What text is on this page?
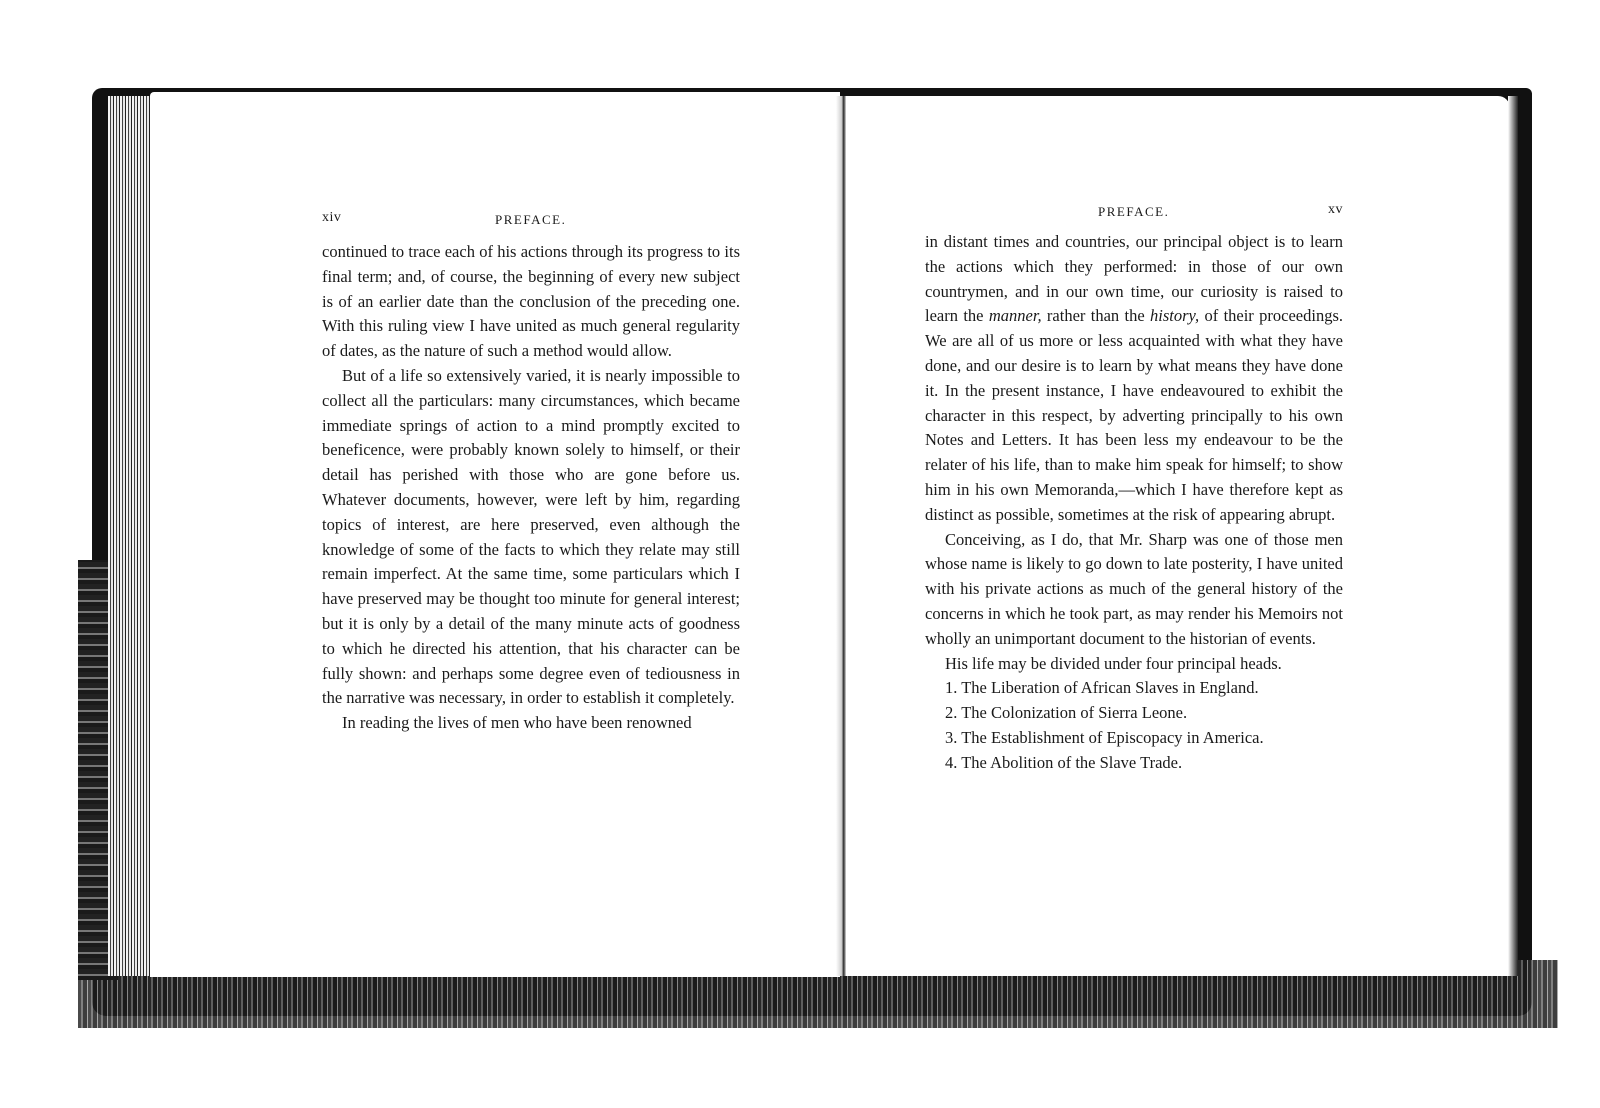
xiv	PREFACE.

continued to trace each of his actions through its progress to its final term; and, of course, the beginning of every new subject is of an earlier date than the conclusion of the preceding one. With this ruling view I have united as much general regularity of dates, as the nature of such a method would allow.

But of a life so extensively varied, it is nearly impossible to collect all the particulars: many circumstances, which became immediate springs of action to a mind promptly excited to beneficence, were probably known solely to himself, or their detail has perished with those who are gone before us. Whatever documents, however, were left by him, regarding topics of interest, are here preserved, even although the knowledge of some of the facts to which they relate may still remain imperfect. At the same time, some particulars which I have preserved may be thought too minute for general interest; but it is only by a detail of the many minute acts of goodness to which he directed his attention, that his character can be fully shown: and perhaps some degree even of tediousness in the narrative was necessary, in order to establish it completely.

In reading the lives of men who have been renowned

PREFACE.	xv

in distant times and countries, our principal object is to learn the actions which they performed: in those of our own countrymen, and in our own time, our curiosity is raised to learn the manner, rather than the history, of their proceedings. We are all of us more or less acquainted with what they have done, and our desire is to learn by what means they have done it. In the present instance, I have endeavoured to exhibit the character in this respect, by adverting principally to his own Notes and Letters. It has been less my endeavour to be the relater of his life, than to make him speak for himself; to show him in his own Memoranda,—which I have therefore kept as distinct as possible, sometimes at the risk of appearing abrupt.

Conceiving, as I do, that Mr. Sharp was one of those men whose name is likely to go down to late posterity, I have united with his private actions as much of the general history of the concerns in which he took part, as may render his Memoirs not wholly an unimportant document to the historian of events.

His life may be divided under four principal heads.

1. The Liberation of African Slaves in England.

2. The Colonization of Sierra Leone.

3. The Establishment of Episcopacy in America.

4. The Abolition of the Slave Trade.
